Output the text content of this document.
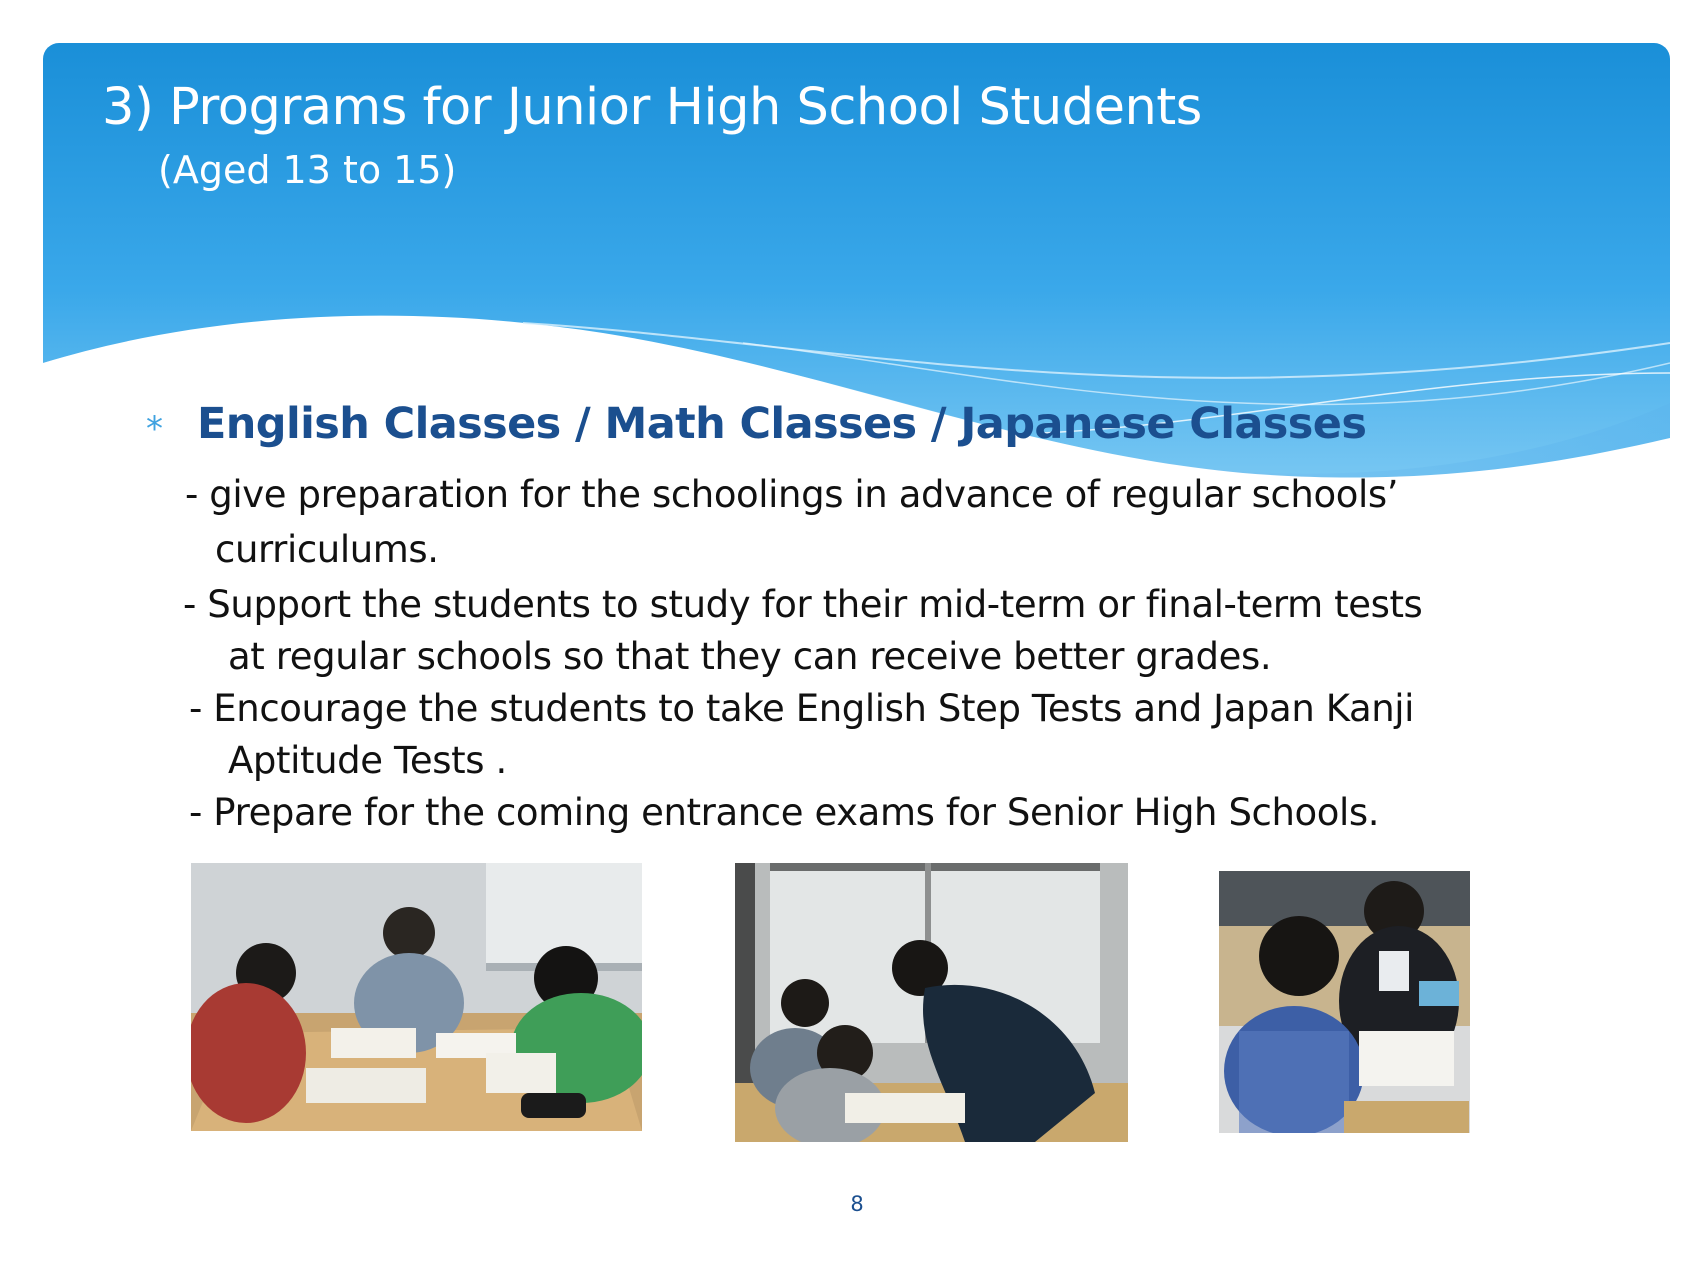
3) Programs for Junior High School Students
(Aged 13 to 15)
* English Classes / Math Classes / Japanese Classes

- give preparation for the schoolings in advance of regular schools’

curriculums.

- Support the students to study for their mid-term or final-term tests

at regular schools so that they can receive better grades.

- Encourage the students to take English Step Tests and Japan Kanji

Aptitude Tests .

- Prepare for the coming entrance exams for Senior High Schools.

8
